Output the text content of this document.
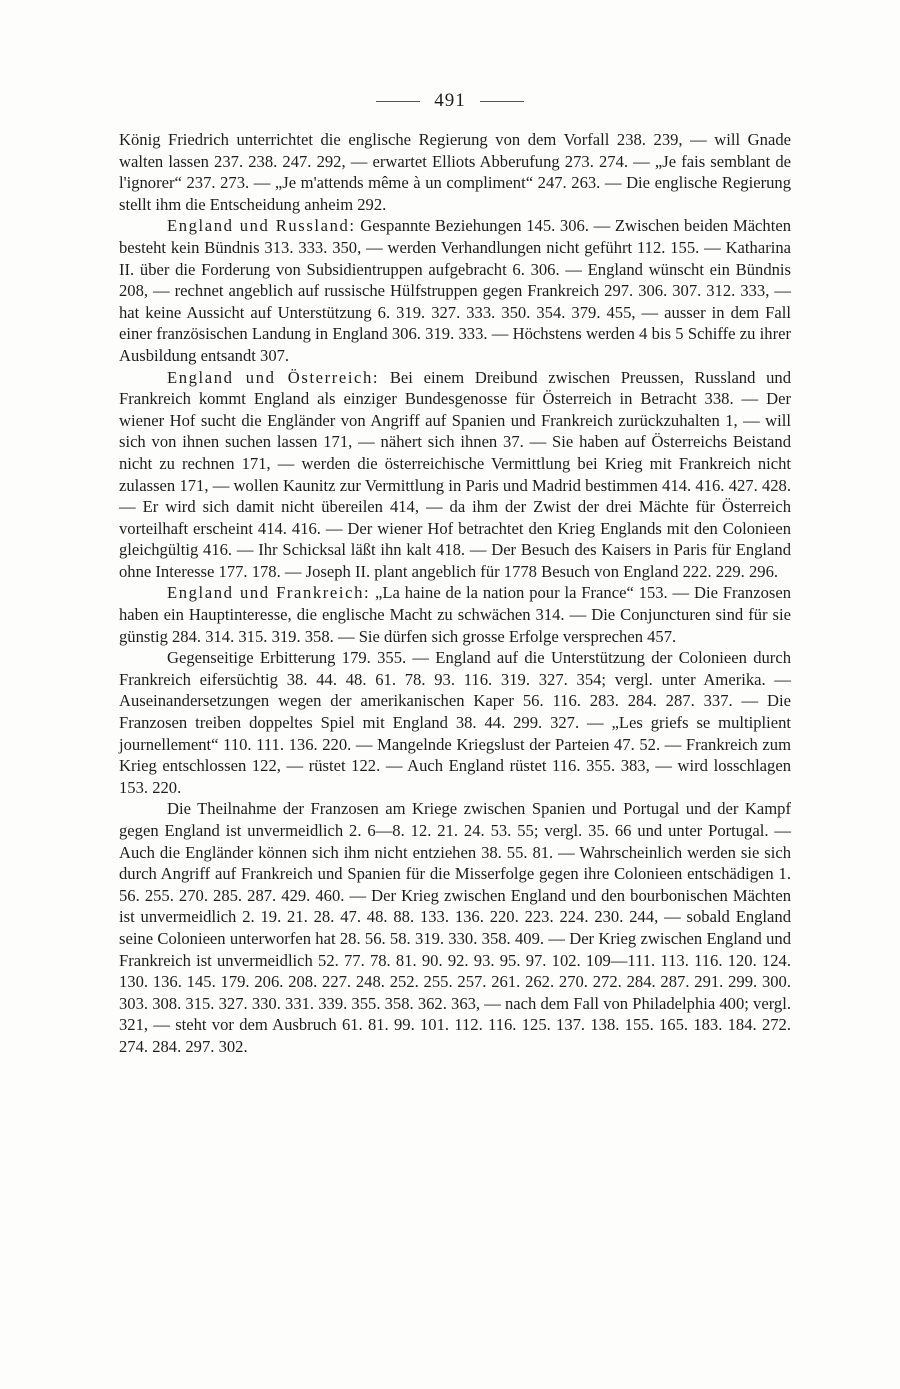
491

König Friedrich unterrichtet die englische Regierung von dem Vorfall 238. 239, — will Gnade walten lassen 237. 238. 247. 292, — erwartet Elliots Abberufung 273. 274. — „Je fais semblant de l'ignorer“ 237. 273. — „Je m'attends même à un compliment“ 247. 263. — Die englische Regierung stellt ihm die Entscheidung anheim 292.

England und Russland: Gespannte Beziehungen 145. 306. — Zwischen beiden Mächten besteht kein Bündnis 313. 333. 350, — werden Verhandlungen nicht geführt 112. 155. — Katharina II. über die Forderung von Subsidientruppen aufgebracht 6. 306. — England wünscht ein Bündnis 208, — rechnet angeblich auf russische Hülfstruppen gegen Frankreich 297. 306. 307. 312. 333, — hat keine Aussicht auf Unterstützung 6. 319. 327. 333. 350. 354. 379. 455, — ausser in dem Fall einer französischen Landung in England 306. 319. 333. — Höchstens werden 4 bis 5 Schiffe zu ihrer Ausbildung entsandt 307.

England und Österreich: Bei einem Dreibund zwischen Preussen, Russland und Frankreich kommt England als einziger Bundesgenosse für Österreich in Betracht 338. — Der wiener Hof sucht die Engländer von Angriff auf Spanien und Frankreich zurückzuhalten 1, — will sich von ihnen suchen lassen 171, — nähert sich ihnen 37. — Sie haben auf Österreichs Beistand nicht zu rechnen 171, — werden die österreichische Vermittlung bei Krieg mit Frankreich nicht zulassen 171, — wollen Kaunitz zur Vermittlung in Paris und Madrid bestimmen 414. 416. 427. 428. — Er wird sich damit nicht übereilen 414, — da ihm der Zwist der drei Mächte für Österreich vorteilhaft erscheint 414. 416. — Der wiener Hof betrachtet den Krieg Englands mit den Colonieen gleichgültig 416. — Ihr Schicksal läßt ihn kalt 418. — Der Besuch des Kaisers in Paris für England ohne Interesse 177. 178. — Joseph II. plant angeblich für 1778 Besuch von England 222. 229. 296.

England und Frankreich: „La haine de la nation pour la France“ 153. — Die Franzosen haben ein Hauptinteresse, die englische Macht zu schwächen 314. — Die Conjuncturen sind für sie günstig 284. 314. 315. 319. 358. — Sie dürfen sich grosse Erfolge versprechen 457.

Gegenseitige Erbitterung 179. 355. — England auf die Unterstützung der Colonieen durch Frankreich eifersüchtig 38. 44. 48. 61. 78. 93. 116. 319. 327. 354; vergl. unter Amerika. — Auseinandersetzungen wegen der amerikanischen Kaper 56. 116. 283. 284. 287. 337. — Die Franzosen treiben doppeltes Spiel mit England 38. 44. 299. 327. — „Les griefs se multiplient journellement“ 110. 111. 136. 220. — Mangelnde Kriegslust der Parteien 47. 52. — Frankreich zum Krieg entschlossen 122, — rüstet 122. — Auch England rüstet 116. 355. 383, — wird losschlagen 153. 220.

Die Theilnahme der Franzosen am Kriege zwischen Spanien und Portugal und der Kampf gegen England ist unvermeidlich 2. 6—8. 12. 21. 24. 53. 55; vergl. 35. 66 und unter Portugal. — Auch die Engländer können sich ihm nicht entziehen 38. 55. 81. — Wahrscheinlich werden sie sich durch Angriff auf Frankreich und Spanien für die Misserfolge gegen ihre Colonieen entschädigen 1. 56. 255. 270. 285. 287. 429. 460. — Der Krieg zwischen England und den bourbonischen Mächten ist unvermeidlich 2. 19. 21. 28. 47. 48. 88. 133. 136. 220. 223. 224. 230. 244, — sobald England seine Colonieen unterworfen hat 28. 56. 58. 319. 330. 358. 409. — Der Krieg zwischen England und Frankreich ist unvermeidlich 52. 77. 78. 81. 90. 92. 93. 95. 97. 102. 109—111. 113. 116. 120. 124. 130. 136. 145. 179. 206. 208. 227. 248. 252. 255. 257. 261. 262. 270. 272. 284. 287. 291. 299. 300. 303. 308. 315. 327. 330. 331. 339. 355. 358. 362. 363, — nach dem Fall von Philadelphia 400; vergl. 321, — steht vor dem Ausbruch 61. 81. 99. 101. 112. 116. 125. 137. 138. 155. 165. 183. 184. 272. 274. 284. 297. 302.
